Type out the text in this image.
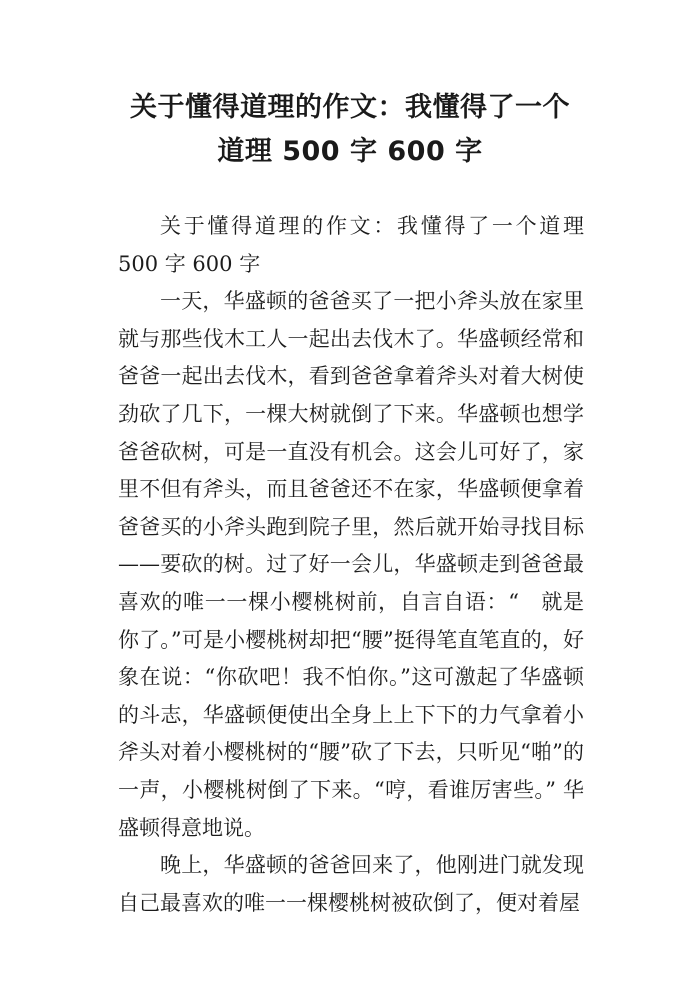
关于懂得道理的作文：我懂得了一个
道理 500 字 600 字

关于懂得道理的作文：我懂得了一个道理 500 字 600 字

一天，华盛顿的爸爸买了一把小斧头放在家里就与那些伐木工人一起出去伐木了。华盛顿经常和爸爸一起出去伐木，看到爸爸拿着斧头对着大树使劲砍了几下，一棵大树就倒了下来。华盛顿也想学爸爸砍树，可是一直没有机会。这会儿可好了，家里不但有斧头，而且爸爸还不在家，华盛顿便拿着爸爸买的小斧头跑到院子里，然后就开始寻找目标——要砍的树。过了好一会儿，华盛顿走到爸爸最喜欢的唯一一棵小樱桃树前，自言自语：“　就是你了。”可是小樱桃树却把“腰”挺得笔直笔直的，好象在说：“你砍吧！我不怕你。”这可激起了华盛顿的斗志，华盛顿便使出全身上上下下的力气拿着小斧头对着小樱桃树的“腰”砍了下去，只听见“啪”的一声，小樱桃树倒了下来。“哼，看谁厉害些。” 华盛顿得意地说。

晚上，华盛顿的爸爸回来了，他刚进门就发现自己最喜欢的唯一一棵樱桃树被砍倒了，便对着屋
